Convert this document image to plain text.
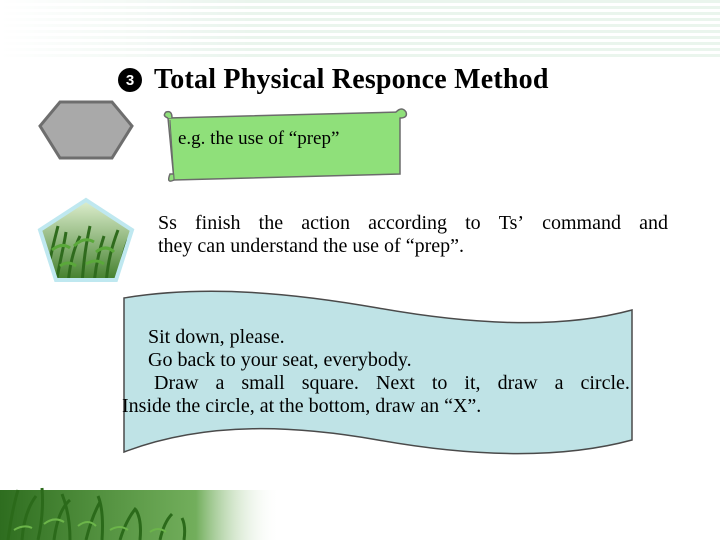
3 Total Physical Responce Method
e.g. the use of “prep”
Ss finish the action according to Ts’ command and
they can understand the use of “prep”.
Sit down, please.
Go back to your seat, everybody.
Draw a small square. Next to it, draw a circle.
Inside the circle, at the bottom, draw an “X”.
